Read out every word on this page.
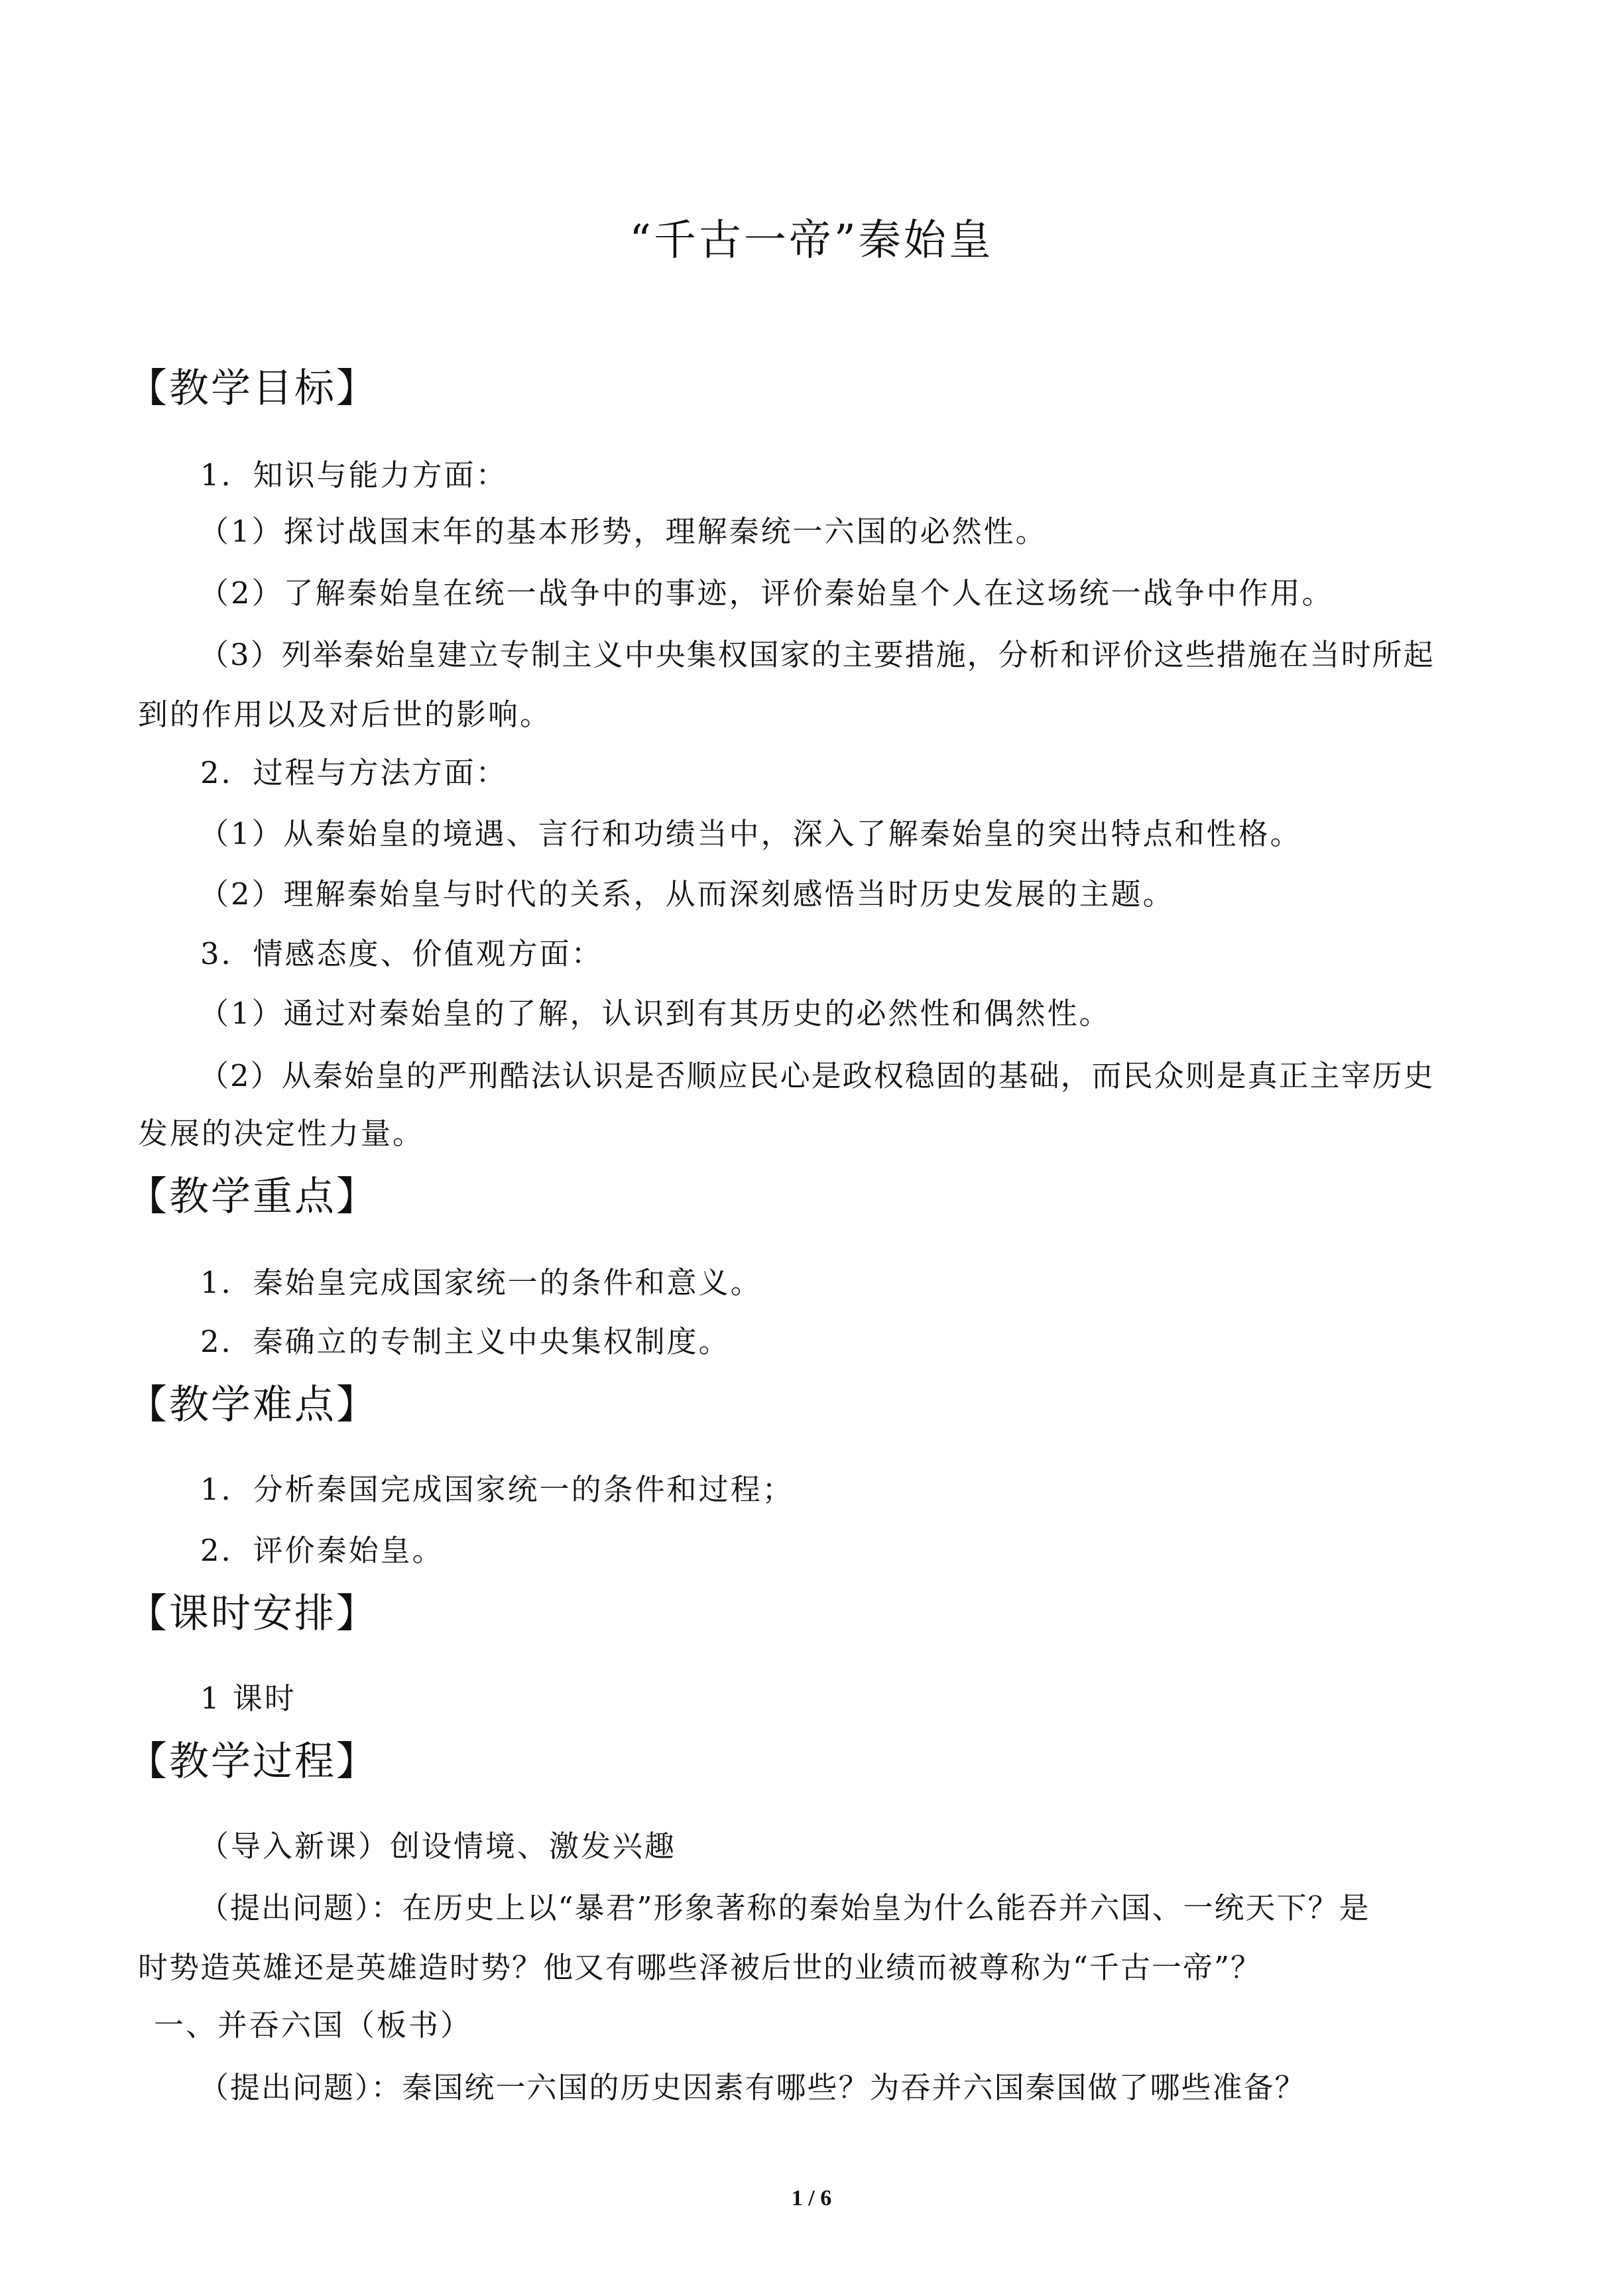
“千古一帝”秦始皇
【教学目标】
1．知识与能力方面：
（1）探讨战国末年的基本形势，理解秦统一六国的必然性。
（2）了解秦始皇在统一战争中的事迹，评价秦始皇个人在这场统一战争中作用。
（3）列举秦始皇建立专制主义中央集权国家的主要措施，分析和评价这些措施在当时所起
到的作用以及对后世的影响。
2．过程与方法方面：
（1）从秦始皇的境遇、言行和功绩当中，深入了解秦始皇的突出特点和性格。
（2）理解秦始皇与时代的关系，从而深刻感悟当时历史发展的主题。
3．情感态度、价值观方面：
（1）通过对秦始皇的了解，认识到有其历史的必然性和偶然性。
（2）从秦始皇的严刑酷法认识是否顺应民心是政权稳固的基础，而民众则是真正主宰历史
发展的决定性力量。
【教学重点】
1．秦始皇完成国家统一的条件和意义。
2．秦确立的专制主义中央集权制度。
【教学难点】
1．分析秦国完成国家统一的条件和过程；
2．评价秦始皇。
【课时安排】
1 课时
【教学过程】
（导入新课）创设情境、激发兴趣
（提出问题）：在历史上以“暴君”形象著称的秦始皇为什么能吞并六国、一统天下？是
时势造英雄还是英雄造时势？他又有哪些泽被后世的业绩而被尊称为“千古一帝”？
一、并吞六国（板书）
（提出问题）：秦国统一六国的历史因素有哪些？为吞并六国秦国做了哪些准备？
1 / 6
